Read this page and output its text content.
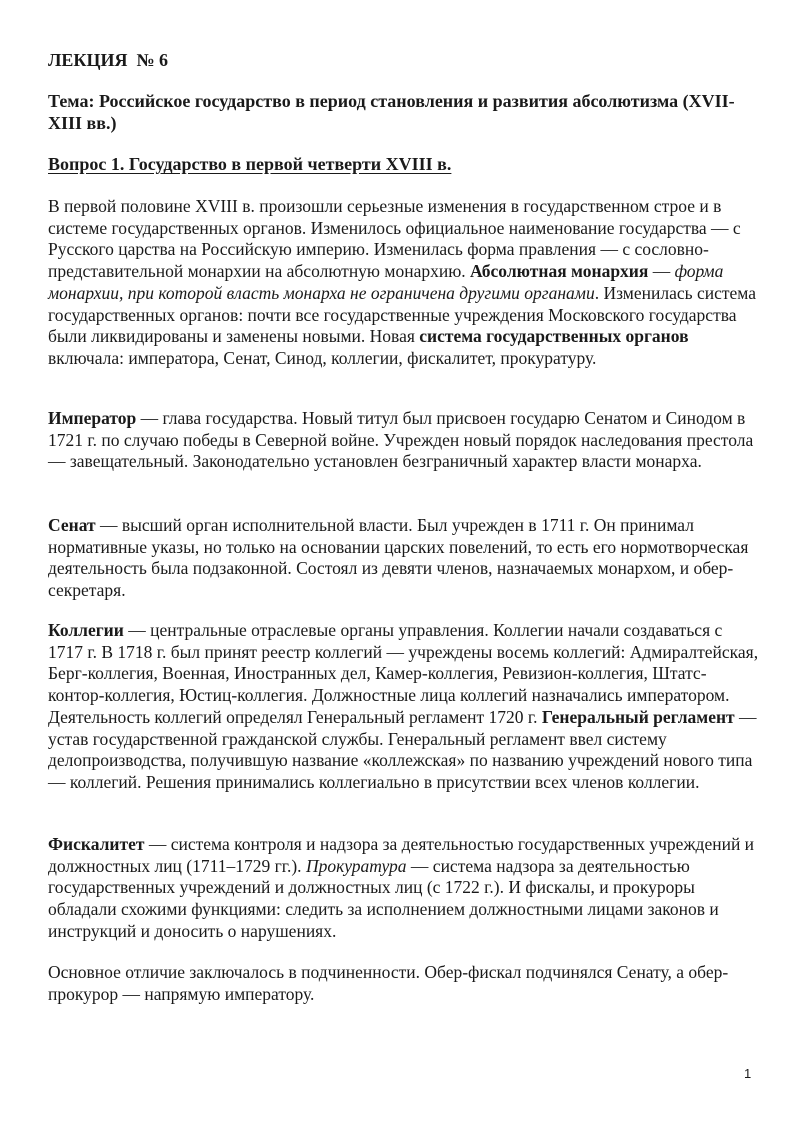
ЛЕКЦИЯ  № 6
Тема: Российское государство в период становления и развития абсолютизма (XVII-XIII вв.)
Вопрос 1. Государство в первой четверти XVIII в.

В первой половине XVIII в. произошли серьезные изменения в государственном строе и в системе государственных органов. Изменилось официальное наименование государства — с Русского царства на Российскую империю. Изменилась форма правления — с сословно-представительной монархии на абсолютную монархию. Абсолютная монархия — форма монархии, при которой власть монарха не ограничена другими органами. Изменилась система государственных органов: почти все государственные учреждения Московского государства были ликвидированы и заменены новыми. Новая система государственных органов включала: императора, Сенат, Синод, коллегии, фискалитет, прокуратуру.

Император — глава государства. Новый титул был присвоен государю Сенатом и Синодом в 1721 г. по случаю победы в Северной войне. Учрежден новый порядок наследования престола — завещательный. Законодательно установлен безграничный характер власти монарха.

Сенат — высший орган исполнительной власти. Был учрежден в 1711 г. Он принимал нормативные указы, но только на основании царских повелений, то есть его нормотворческая деятельность была подзаконной. Состоял из девяти членов, назначаемых монархом, и обер-секретаря.

Коллегии — центральные отраслевые органы управления. Коллегии начали создаваться с 1717 г. В 1718 г. был принят реестр коллегий — учреждены восемь коллегий: Адмиралтейская, Берг-коллегия, Военная, Иностранных дел, Камер-коллегия, Ревизион-коллегия, Штатс-контор-коллегия, Юстиц-коллегия. Должностные лица коллегий назначались императором. Деятельность коллегий определял Генеральный регламент 1720 г. Генеральный регламент — устав государственной гражданской службы. Генеральный регламент ввел систему делопроизводства, получившую название «коллежская» по названию учреждений нового типа — коллегий. Решения принимались коллегиально в присутствии всех членов коллегии.

Фискалитет — система контроля и надзора за деятельностью государственных учреждений и должностных лиц (1711–1729 гг.). Прокуратура — система надзора за деятельностью государственных учреждений и должностных лиц (с 1722 г.). И фискалы, и прокуроры обладали схожими функциями: следить за исполнением должностными лицами законов и инструкций и доносить о нарушениях.

Основное отличие заключалось в подчиненности. Обер-фискал подчинялся Сенату, а обер-прокурор — напрямую императору.

1
